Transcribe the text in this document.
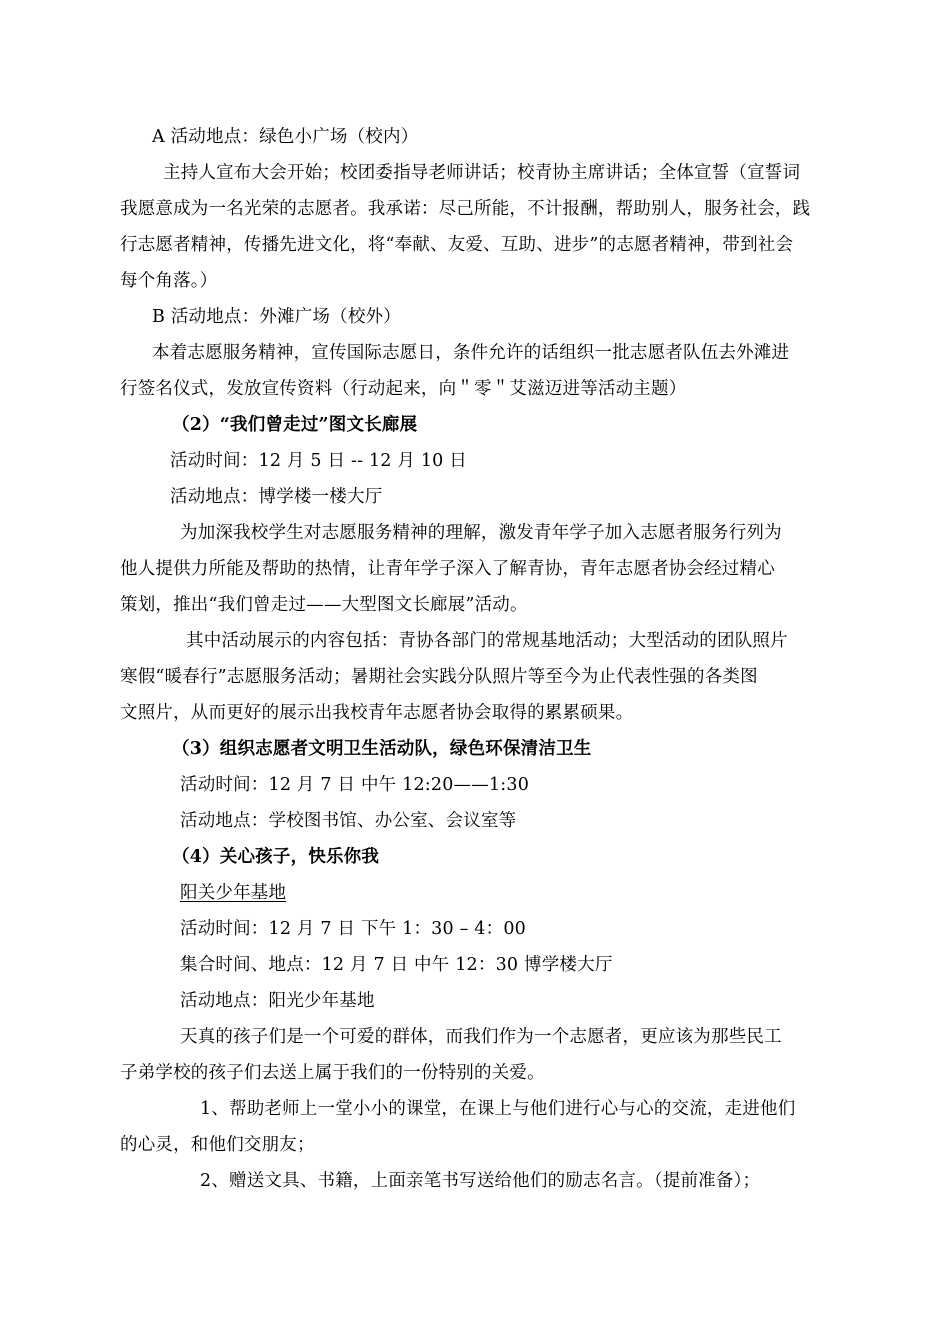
A 活动地点：绿色小广场（校内）
主持人宣布大会开始；校团委指导老师讲话；校青协主席讲话；全体宣誓（宣誓词
我愿意成为一名光荣的志愿者。我承诺：尽己所能，不计报酬，帮助别人，服务社会，践
行志愿者精神，传播先进文化，将“奉献、友爱、互助、进步”的志愿者精神，带到社会
每个角落。）
B 活动地点：外滩广场（校外）
本着志愿服务精神，宣传国际志愿日，条件允许的话组织一批志愿者队伍去外滩进
行签名仪式，发放宣传资料（行动起来，向＂零＂艾滋迈进等活动主题）
（2）“我们曾走过”图文长廊展
活动时间：12 月 5 日 -- 12 月 10 日
活动地点：博学楼一楼大厅
为加深我校学生对志愿服务精神的理解，激发青年学子加入志愿者服务行列为
他人提供力所能及帮助的热情，让青年学子深入了解青协，青年志愿者协会经过精心
策划，推出“我们曾走过——大型图文长廊展”活动。
其中活动展示的内容包括：青协各部门的常规基地活动；大型活动的团队照片
寒假“暖春行”志愿服务活动；暑期社会实践分队照片等至今为止代表性强的各类图
文照片，从而更好的展示出我校青年志愿者协会取得的累累硕果。
（3）组织志愿者文明卫生活动队，绿色环保清洁卫生
活动时间：12 月 7 日 中午 12:20——1:30
活动地点：学校图书馆、办公室、会议室等
（4）关心孩子，快乐你我
阳关少年基地
活动时间：12 月 7 日 下午 1：30 – 4：00
集合时间、地点：12 月 7 日 中午 12：30 博学楼大厅
活动地点：阳光少年基地
天真的孩子们是一个可爱的群体，而我们作为一个志愿者，更应该为那些民工
子弟学校的孩子们去送上属于我们的一份特别的关爱。
1、帮助老师上一堂小小的课堂，在课上与他们进行心与心的交流，走进他们
的心灵，和他们交朋友；
2、赠送文具、书籍，上面亲笔书写送给他们的励志名言。（提前准备）；
